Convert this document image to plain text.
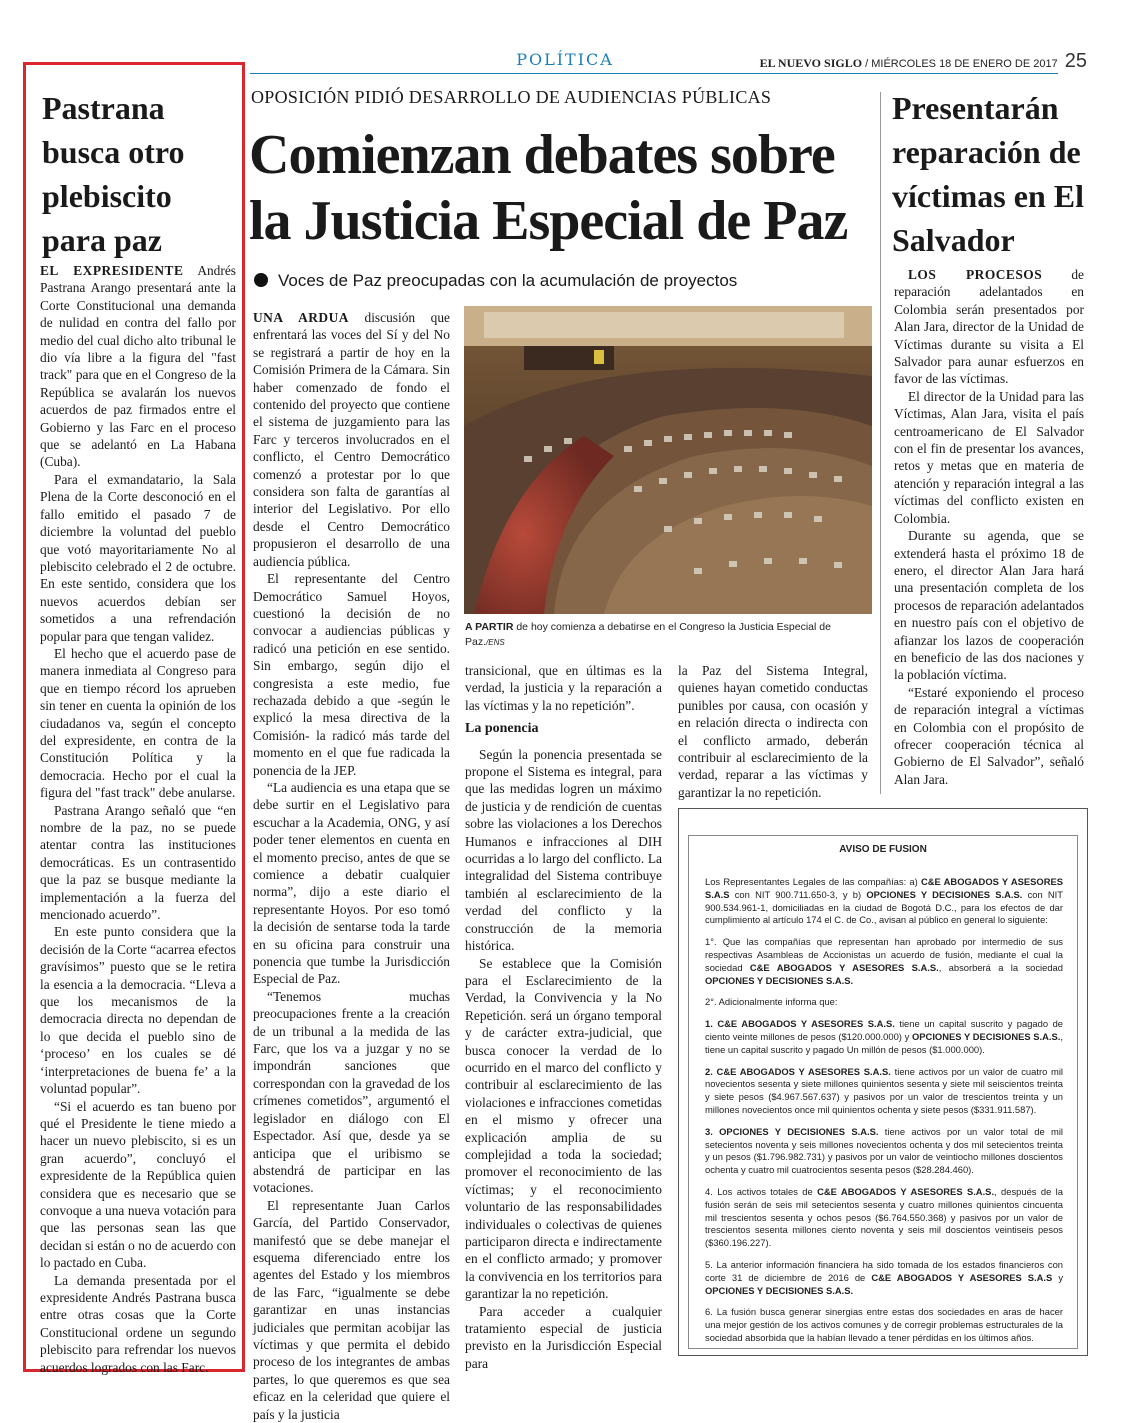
POLÍTICA	EL NUEVO SIGLO / MIÉRCOLES 18 DE ENERO DE 2017 25
Pastrana busca otro plebiscito para paz

EL EXPRESIDENTE Andrés Pastrana Arango presentará ante la Corte Constitucional una demanda de nulidad en contra del fallo por medio del cual dicho alto tribunal le dio vía libre a la figura del "fast track" para que en el Congreso de la República se avalarán los nuevos acuerdos de paz firmados entre el Gobierno y las Farc en el proceso que se adelantó en La Habana (Cuba).

Para el exmandatario, la Sala Plena de la Corte desconoció en el fallo emitido el pasado 7 de diciembre la voluntad del pueblo que votó mayoritariamente No al plebiscito celebrado el 2 de octubre. En este sentido, considera que los nuevos acuerdos debían ser sometidos a una refrendación popular para que tengan validez.

El hecho que el acuerdo pase de manera inmediata al Congreso para que en tiempo récord los aprueben sin tener en cuenta la opinión de los ciudadanos va, según el concepto del expresidente, en contra de la Constitución Política y la democracia. Hecho por el cual la figura del "fast track" debe anularse.

Pastrana Arango señaló que “en nombre de la paz, no se puede atentar contra las instituciones democráticas. Es un contrasentido que la paz se busque mediante la implementación a la fuerza del mencionado acuerdo”.

En este punto considera que la decisión de la Corte “acarrea efectos gravísimos” puesto que se le retira la esencia a la democracia. “Lleva a que los mecanismos de la democracia directa no dependan de lo que decida el pueblo sino de ‘proceso’ en los cuales se dé ‘interpretaciones de buena fe’ a la voluntad popular”.

“Si el acuerdo es tan bueno por qué el Presidente le tiene miedo a hacer un nuevo plebiscito, si es un gran acuerdo”, concluyó el expresidente de la República quien considera que es necesario que se convoque a una nueva votación para que las personas sean las que decidan si están o no de acuerdo con lo pactado en Cuba.

La demanda presentada por el expresidente Andrés Pastrana busca entre otras cosas que la Corte Constitucional ordene un segundo plebiscito para refrendar los nuevos acuerdos logrados con las Farc.

OPOSICIÓN PIDIÓ DESARROLLO DE AUDIENCIAS PÚBLICAS
Comienzan debates sobre la Justicia Especial de Paz
Voces de Paz preocupadas con la acumulación de proyectos

UNA ARDUA discusión que enfrentará las voces del Sí y del No se registrará a partir de hoy en la Comisión Primera de la Cámara. Sin haber comenzado de fondo el contenido del proyecto que contiene el sistema de juzgamiento para las Farc y terceros involucrados en el conflicto, el Centro Democrático comenzó a protestar por lo que considera son falta de garantías al interior del Legislativo. Por ello desde el Centro Democrático propusieron el desarrollo de una audiencia pública.

El representante del Centro Democrático Samuel Hoyos, cuestionó la decisión de no convocar a audiencias públicas y radicó una petición en ese sentido. Sin embargo, según dijo el congresista a este medio, fue rechazada debido a que -según le explicó la mesa directiva de la Comisión- la radicó más tarde del momento en el que fue radicada la ponencia de la JEP.

“La audiencia es una etapa que se debe surtir en el Legislativo para escuchar a la Academia, ONG, y así poder tener elementos en cuenta en el momento preciso, antes de que se comience a debatir cualquier norma”, dijo a este diario el representante Hoyos. Por eso tomó la decisión de sentarse toda la tarde en su oficina para construir una ponencia que tumbe la Jurisdicción Especial de Paz.

“Tenemos muchas preocupaciones frente a la creación de un tribunal a la medida de las Farc, que los va a juzgar y no se impondrán sanciones que correspondan con la gravedad de los crímenes cometidos”, argumentó el legislador en diálogo con El Espectador. Así que, desde ya se anticipa que el uribismo se abstendrá de participar en las votaciones.

El representante Juan Carlos García, del Partido Conservador, manifestó que se debe manejar el esquema diferenciado entre los agentes del Estado y los miembros de las Farc, “igualmente se debe garantizar en unas instancias judiciales que permitan acobijar las víctimas y que permita el debido proceso de los integrantes de ambas partes, lo que queremos es que sea eficaz en la celeridad que quiere el país y la justicia

A PARTIR de hoy comienza a debatirse en el Congreso la Justicia Especial de Paz./ENS

transicional, que en últimas es la verdad, la justicia y la reparación a las víctimas y la no repetición”.

La ponencia

Según la ponencia presentada se propone el Sistema es integral, para que las medidas logren un máximo de justicia y de rendición de cuentas sobre las violaciones a los Derechos Humanos e infracciones al DIH ocurridas a lo largo del conflicto. La integralidad del Sistema contribuye también al esclarecimiento de la verdad del conflicto y la construcción de la memoria histórica.

Se establece que la Comisión para el Esclarecimiento de la Verdad, la Convivencia y la No Repetición. será un órgano temporal y de carácter extra-judicial, que busca conocer la verdad de lo ocurrido en el marco del conflicto y contribuir al esclarecimiento de las violaciones e infracciones cometidas en el mismo y ofrecer una explicación amplia de su complejidad a toda la sociedad; promover el reconocimiento de las víctimas; y el reconocimiento voluntario de las responsabilidades individuales o colectivas de quienes participaron directa e indirectamente en el conflicto armado; y promover la convivencia en los territorios para garantizar la no repetición.

Para acceder a cualquier tratamiento especial de justicia previsto en la Jurisdicción Especial para

la Paz del Sistema Integral, quienes hayan cometido conductas punibles por causa, con ocasión y en relación directa o indirecta con el conflicto armado, deberán contribuir al esclarecimiento de la verdad, reparar a las víctimas y garantizar la no repetición.

Presentarán reparación de víctimas en El Salvador

LOS PROCESOS de reparación adelantados en Colombia serán presentados por Alan Jara, director de la Unidad de Víctimas durante su visita a El Salvador para aunar esfuerzos en favor de las víctimas.

El director de la Unidad para las Víctimas, Alan Jara, visita el país centroamericano de El Salvador con el fin de presentar los avances, retos y metas que en materia de atención y reparación integral a las víctimas del conflicto existen en Colombia.

Durante su agenda, que se extenderá hasta el próximo 18 de enero, el director Alan Jara hará una presentación completa de los procesos de reparación adelantados en nuestro país con el objetivo de afianzar los lazos de cooperación en beneficio de las dos naciones y la población víctima.

“Estaré exponiendo el proceso de reparación integral a víctimas en Colombia con el propósito de ofrecer cooperación técnica al Gobierno de El Salvador”, señaló Alan Jara.

AVISO DE FUSION

Los Representantes Legales de las compañías: a) C&E ABOGADOS Y ASESORES S.A.S con NIT 900.711.650-3, y b) OPCIONES Y DECISIONES S.A.S. con NIT 900.534.961-1, domiciliadas en la ciudad de Bogotá D.C., para los efectos de dar cumplimiento al artículo 174 el C. de Co., avisan al público en general lo siguiente:

1°. Que las compañías que representan han aprobado por intermedio de sus respectivas Asambleas de Accionistas un acuerdo de fusión, mediante el cual la sociedad C&E ABOGADOS Y ASESORES S.A.S., absorberá a la sociedad OPCIONES Y DECISIONES S.A.S.

2°. Adicionalmente informa que:

1. C&E ABOGADOS Y ASESORES S.A.S. tiene un capital suscrito y pagado de ciento veinte millones de pesos ($120.000.000) y OPCIONES Y DECISIONES S.A.S., tiene un capital suscrito y pagado Un millón de pesos ($1.000.000).

2. C&E ABOGADOS Y ASESORES S.A.S. tiene activos por un valor de cuatro mil novecientos sesenta y siete millones quinientos sesenta y siete mil seiscientos treinta y siete pesos ($4.967.567.637) y pasivos por un valor de trescientos treinta y un millones novecientos once mil quinientos ochenta y siete pesos ($331.911.587).

3. OPCIONES Y DECISIONES S.A.S. tiene activos por un valor total de mil setecientos noventa y seis millones novecientos ochenta y dos mil setecientos treinta y un pesos ($1.796.982.731) y pasivos por un valor de veintiocho millones doscientos ochenta y cuatro mil cuatrocientos sesenta pesos ($28.284.460).

4. Los activos totales de C&E ABOGADOS Y ASESORES S.A.S., después de la fusión serán de seis mil setecientos sesenta y cuatro millones quinientos cincuenta mil trescientos sesenta y ochos pesos ($6.764.550.368) y pasivos por un valor de trescientos sesenta millones ciento noventa y seis mil doscientos veintiseis pesos ($360.196.227).

5. La anterior información financiera ha sido tomada de los estados financieros con corte 31 de diciembre de 2016 de C&E ABOGADOS Y ASESORES S.A.S y OPCIONES Y DECISIONES S.A.S.

6. La fusión busca generar sinergias entre estas dos sociedades en aras de hacer una mejor gestión de los activos comunes y de corregir problemas estructurales de la sociedad absorbida que la habían llevado a tener pérdidas en los últimos años.
